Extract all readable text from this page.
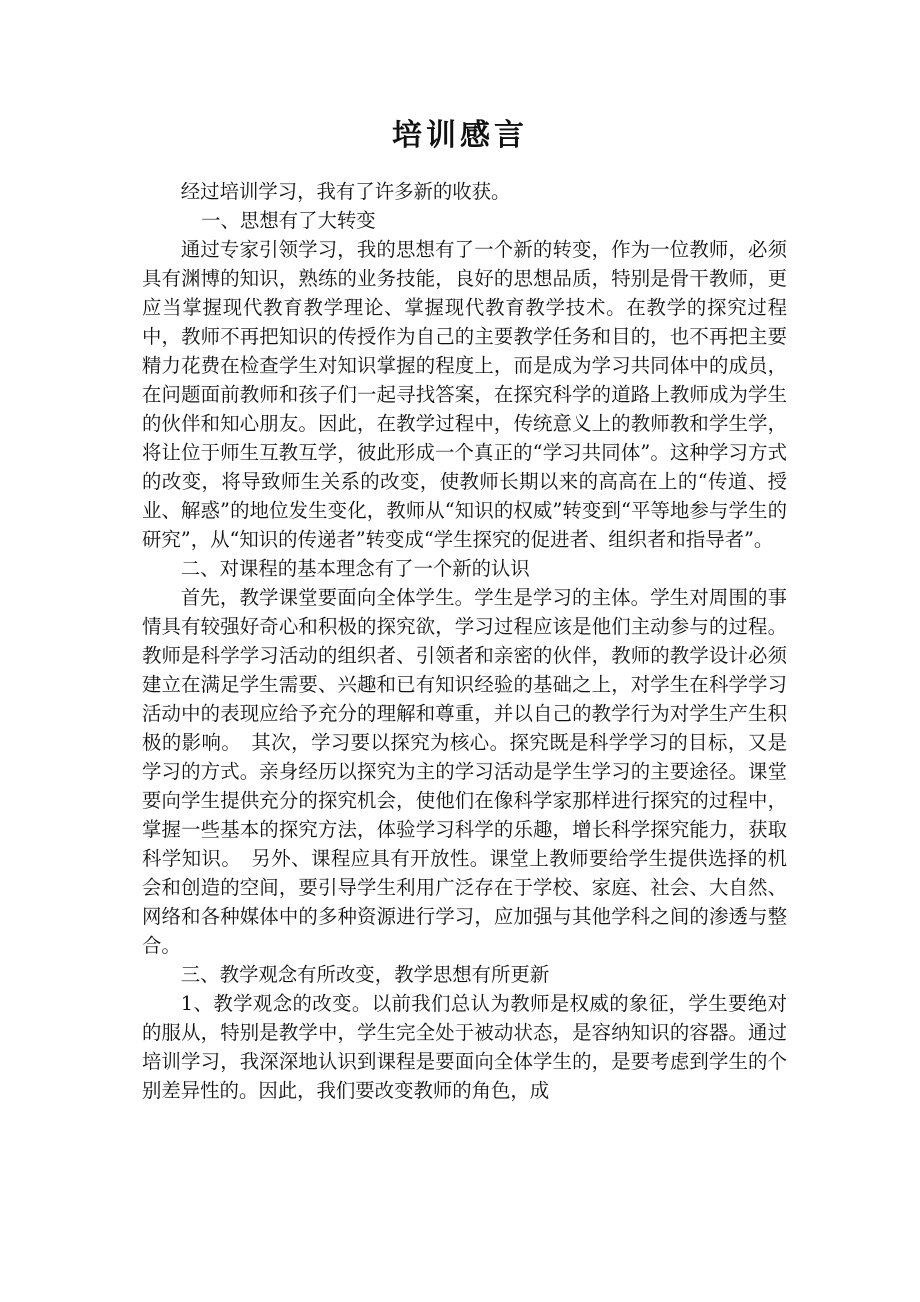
培训感言

经过培训学习，我有了许多新的收获。

一、思想有了大转变

通过专家引领学习，我的思想有了一个新的转变，作为一位教师，必须具有渊博的知识，熟练的业务技能，良好的思想品质，特别是骨干教师，更应当掌握现代教育教学理论、掌握现代教育教学技术。在教学的探究过程中，教师不再把知识的传授作为自己的主要教学任务和目的，也不再把主要精力花费在检查学生对知识掌握的程度上，而是成为学习共同体中的成员，在问题面前教师和孩子们一起寻找答案，在探究科学的道路上教师成为学生的伙伴和知心朋友。因此，在教学过程中，传统意义上的教师教和学生学，将让位于师生互教互学，彼此形成一个真正的“学习共同体”。这种学习方式的改变，将导致师生关系的改变，使教师长期以来的高高在上的“传道、授业、解惑”的地位发生变化，教师从“知识的权威”转变到“平等地参与学生的研究”，从“知识的传递者”转变成“学生探究的促进者、组织者和指导者”。

二、对课程的基本理念有了一个新的认识

首先，教学课堂要面向全体学生。学生是学习的主体。学生对周围的事情具有较强好奇心和积极的探究欲，学习过程应该是他们主动参与的过程。教师是科学学习活动的组织者、引领者和亲密的伙伴，教师的教学设计必须建立在满足学生需要、兴趣和已有知识经验的基础之上，对学生在科学学习活动中的表现应给予充分的理解和尊重，并以自己的教学行为对学生产生积极的影响。　其次，学习要以探究为核心。探究既是科学学习的目标，又是学习的方式。亲身经历以探究为主的学习活动是学生学习的主要途径。课堂要向学生提供充分的探究机会，使他们在像科学家那样进行探究的过程中，掌握一些基本的探究方法，体验学习科学的乐趣，增长科学探究能力，获取科学知识。　另外、课程应具有开放性。课堂上教师要给学生提供选择的机会和创造的空间，要引导学生利用广泛存在于学校、家庭、社会、大自然、网络和各种媒体中的多种资源进行学习，应加强与其他学科之间的渗透与整合。

三、教学观念有所改变，教学思想有所更新

1、教学观念的改变。以前我们总认为教师是权威的象征，学生要绝对的服从，特别是教学中，学生完全处于被动状态，是容纳知识的容器。通过培训学习，我深深地认识到课程是要面向全体学生的，是要考虑到学生的个别差异性的。因此，我们要改变教师的角色，成
